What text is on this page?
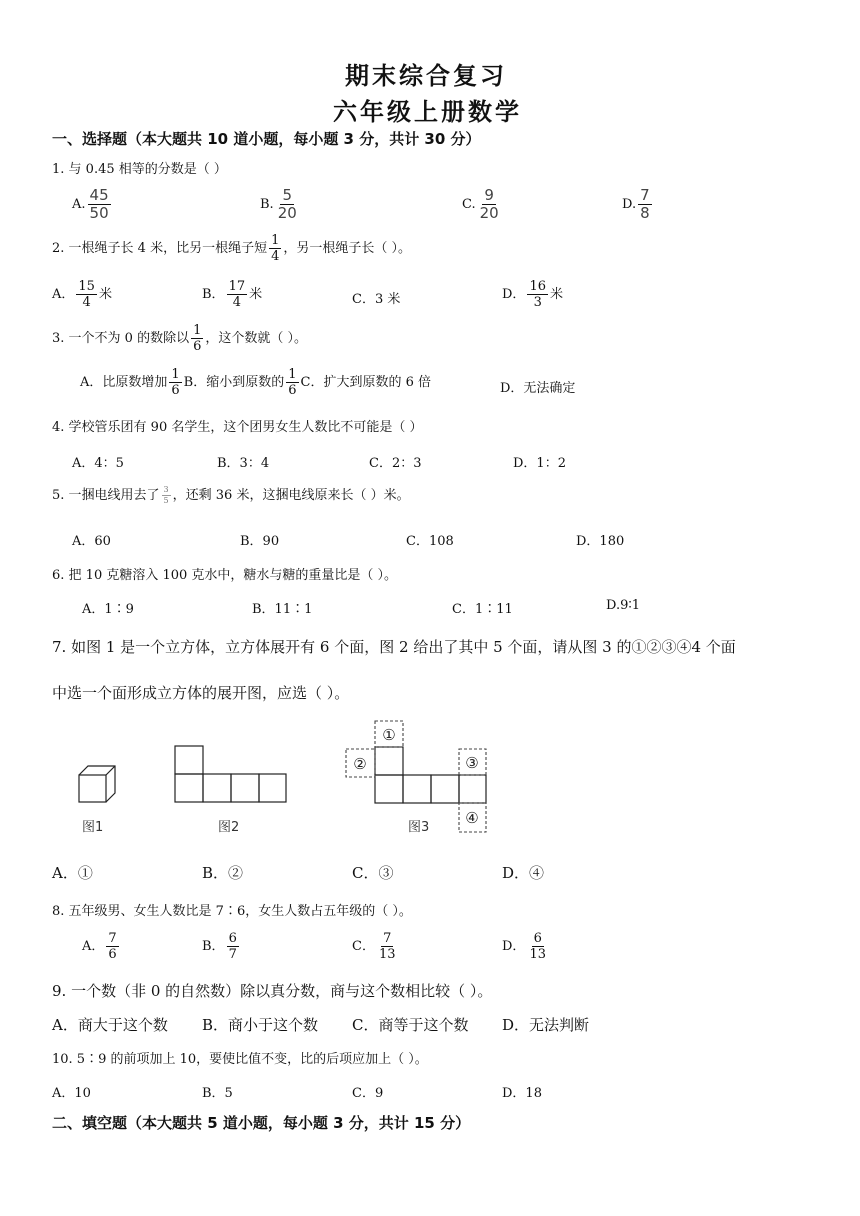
期末综合复习
六年级上册数学
一、选择题（本大题共 10 道小题，每小题 3 分，共计 30 分）
1. 与 0.45 相等的分数是（ ）
A. $\frac{45}{50}$	B. $\frac{5}{20}$	C. $\frac{9}{20}$	D. $\frac{7}{8}$
2. 一根绳子长 4 米，比另一根绳子短 $\frac{1}{4}$ ，另一根绳子长（ ）。
A． $\frac{15}{4}$ 米	B． $\frac{17}{4}$ 米	C．3 米	D． $\frac{16}{3}$ 米
3. 一个不为 0 的数除以 $\frac{1}{6}$ ，这个数就（ ）。
A．比原数增加 $\frac{1}{6}$ B．缩小到原数的 $\frac{1}{6}$ C．扩大到原数的 6 倍	D．无法确定
4. 学校管乐团有 90 名学生，这个团男女生人数比不可能是（ ）
A．4：5	B．3：4	C．2：3	D．1：2
5. 一捆电线用去了 $\frac{3}{5}$ ，还剩 36 米，这捆电线原来长（ ）米。
A．60	B．90	C．108	D．180
6. 把 10 克糖溶入 100 克水中，糖水与糖的重量比是（ ）。
A．1∶9	B．11∶1	C．1∶11	D.9∶1
7. 如图 1 是一个立方体，立方体展开有 6 个面，图 2 给出了其中 5 个面，请从图 3 的①②③④4 个面
中选一个面形成立方体的展开图，应选（ ）。
图1	图2
①
②	③
④
图3
A．①	B．②	C．③	D．④
8. 五年级男、女生人数比是 7∶6，女生人数占五年级的（ ）。
A． $\frac{7}{6}$	B． $\frac{6}{7}$	C． $\frac{7}{13}$	D． $\frac{6}{13}$
9. 一个数（非 0 的自然数）除以真分数，商与这个数相比较（ ）。
A．商大于这个数 B．商小于这个数 C．商等于这个数 D．无法判断
10. 5∶9 的前项加上 10，要使比值不变，比的后项应加上（ ）。
A．10	B．5	C．9	D．18
二、填空题（本大题共 5 道小题，每小题 3 分，共计 15 分）
